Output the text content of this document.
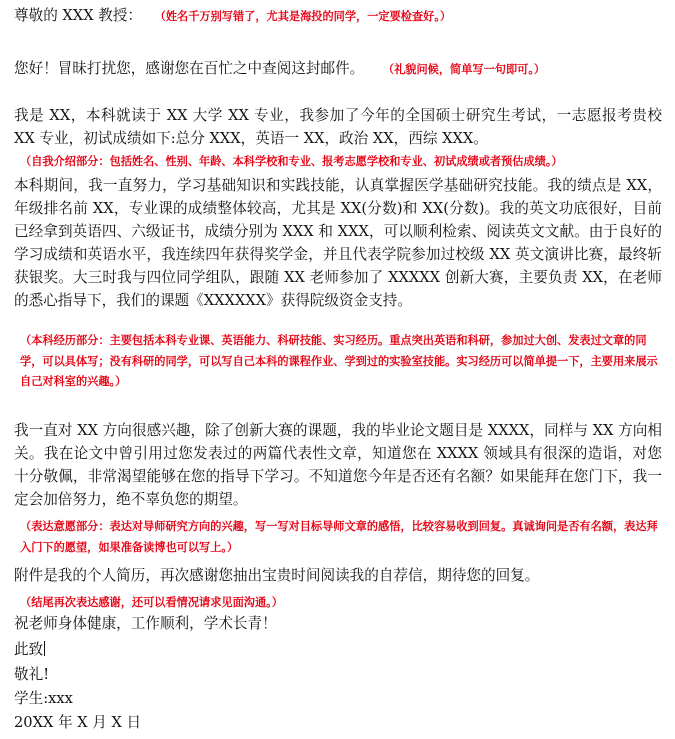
尊敬的 XXX 教授： （姓名千万别写错了，尤其是海投的同学，一定要检查好。）
您好！冒昧打扰您，感谢您在百忙之中查阅这封邮件。 （礼貌问候，简单写一句即可。）
我是 XX，本科就读于 XX 大学 XX 专业，我参加了今年的全国硕士研究生考试，一志愿报考贵校 XX 专业，初试成绩如下:总分 XXX，英语一 XX，政治 XX，西综 XXX。
（自我介绍部分：包括姓名、性别、年龄、本科学校和专业、报考志愿学校和专业、初试成绩或者预估成绩。）
本科期间，我一直努力，学习基础知识和实践技能，认真掌握医学基础研究技能。我的绩点是 XX，年级排名前 XX，专业课的成绩整体较高，尤其是 XX(分数)和 XX(分数)。我的英文功底很好，目前已经拿到英语四、六级证书，成绩分别为 XXX 和 XXX，可以顺利检索、阅读英文文献。由于良好的学习成绩和英语水平，我连续四年获得奖学金，并且代表学院参加过校级 XX 英文演讲比赛，最终斩获银奖。大三时我与四位同学组队，跟随 XX 老师参加了 XXXXX 创新大赛，主要负责 XX，在老师的悉心指导下，我们的课题《XXXXXX》获得院级资金支持。
（本科经历部分：主要包括本科专业课、英语能力、科研技能、实习经历。重点突出英语和科研，参加过大创、发表过文章的同学，可以具体写；没有科研的同学，可以写自己本科的课程作业、学到过的实验室技能。实习经历可以简单提一下，主要用来展示自己对科室的兴趣。）
我一直对 XX 方向很感兴趣，除了创新大赛的课题，我的毕业论文题目是 XXXX，同样与 XX 方向相关。我在论文中曾引用过您发表过的两篇代表性文章，知道您在 XXXX 领域具有很深的造诣，对您十分敬佩，非常渴望能够在您的指导下学习。不知道您今年是否还有名额？如果能拜在您门下，我一定会加倍努力，绝不辜负您的期望。
（表达意愿部分：表达对导师研究方向的兴趣，写一写对目标导师文章的感悟，比较容易收到回复。真诚询问是否有名额，表达拜入门下的愿望，如果准备读博也可以写上。）
附件是我的个人简历，再次感谢您抽出宝贵时间阅读我的自荐信，期待您的回复。
（结尾再次表达感谢，还可以看情况请求见面沟通。）
祝老师身体健康，工作顺利，学术长青！
此致
敬礼!
学生:xxx
20XX 年 X 月 X 日
